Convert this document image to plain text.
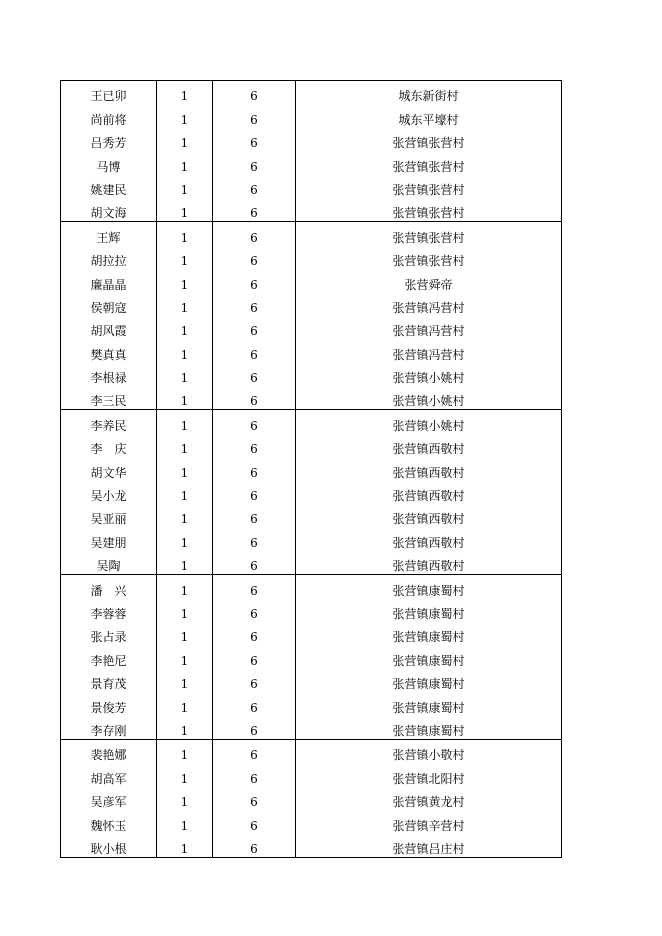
王已卯	1	6	城东新街村
尚前将	1	6	城东平壕村
吕秀芳	1	6	张营镇张营村
马博	1	6	张营镇张营村
姚建民	1	6	张营镇张营村
胡文海	1	6	张营镇张营村
王辉	1	6	张营镇张营村
胡拉拉	1	6	张营镇张营村
廉晶晶	1	6	张营舜帝
侯朝寇	1	6	张营镇冯营村
胡风霞	1	6	张营镇冯营村
樊真真	1	6	张营镇冯营村
李根禄	1	6	张营镇小姚村
李三民	1	6	张营镇小姚村
李养民	1	6	张营镇小姚村
李　庆	1	6	张营镇西敬村
胡文华	1	6	张营镇西敬村
吴小龙	1	6	张营镇西敬村
吴亚丽	1	6	张营镇西敬村
吴建朋	1	6	张营镇西敬村
吴陶	1	6	张营镇西敬村
潘　兴	1	6	张营镇康蜀村
李蓉蓉	1	6	张营镇康蜀村
张占录	1	6	张营镇康蜀村
李艳尼	1	6	张营镇康蜀村
景育茂	1	6	张营镇康蜀村
景俊芳	1	6	张营镇康蜀村
李存刚	1	6	张营镇康蜀村
裴艳娜	1	6	张营镇小敬村
胡高军	1	6	张营镇北阳村
吴彦军	1	6	张营镇黄龙村
魏怀玉	1	6	张营镇辛营村
耿小根	1	6	张营镇吕庄村
